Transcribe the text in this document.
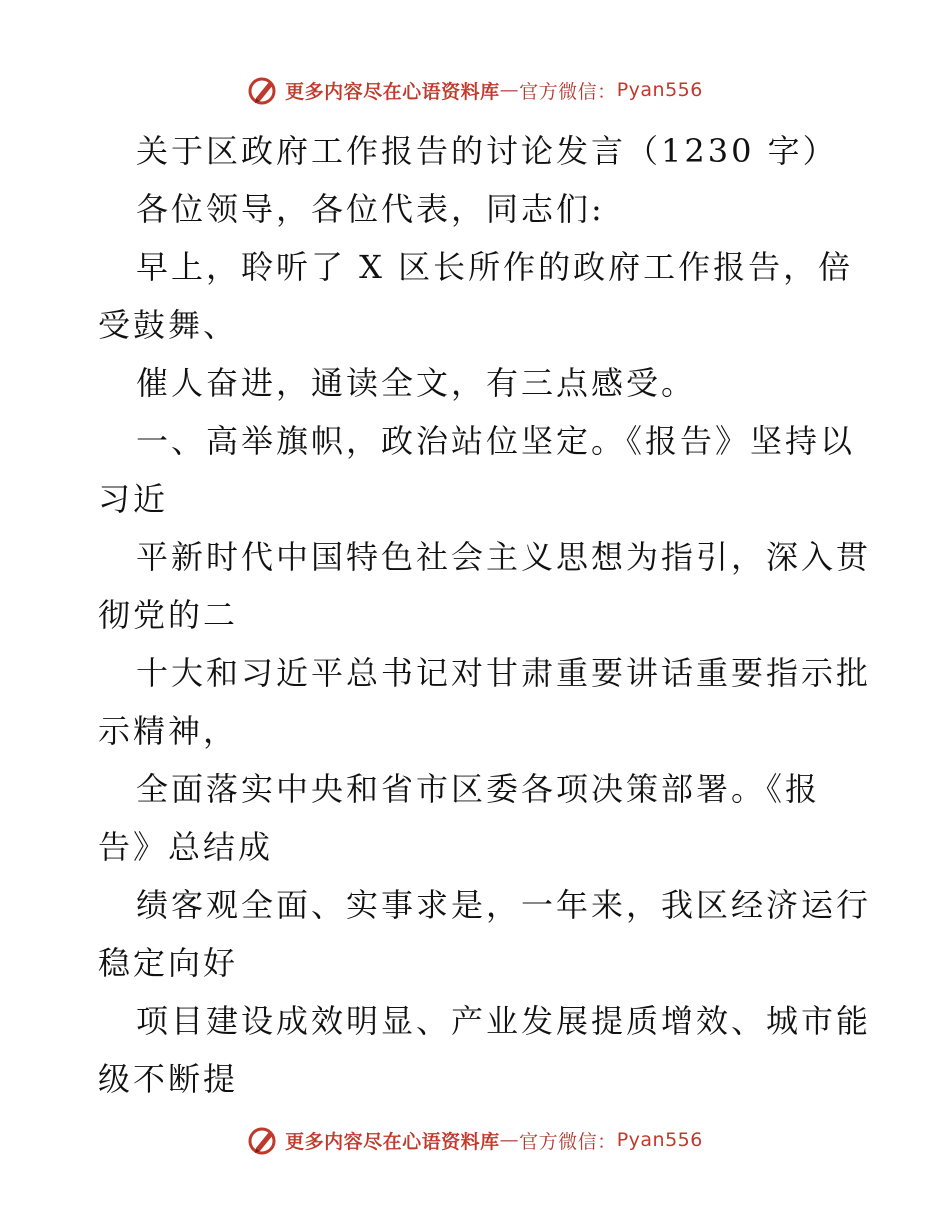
更多内容尽在心语资料库 — 官方微信： Pyan556
关于区政府工作报告的讨论发言（1230 字）
各位领导，各位代表，同志们:
早上，聆听了 X 区长所作的政府工作报告，倍
受鼓舞、
催人奋进，通读全文，有三点感受。
一、高举旗帜，政治站位坚定。《报告》坚持以
习近
平新时代中国特色社会主义思想为指引，深入贯
彻党的二
十大和习近平总书记对甘肃重要讲话重要指示批
示精神，
全面落实中央和省市区委各项决策部署。《报
告》总结成
绩客观全面、实事求是，一年来，我区经济运行
稳定向好
项目建设成效明显、产业发展提质增效、城市能
级不断提
更多内容尽在心语资料库 — 官方微信： Pyan556
